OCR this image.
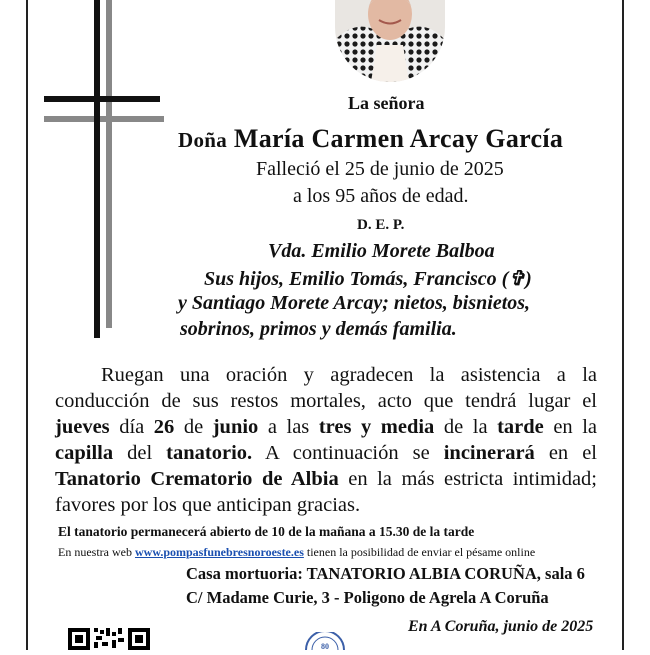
La señora
Doña María Carmen Arcay García
Falleció el 25 de junio de 2025
a los 95 años de edad.
D. E. P.
Vda. Emilio Morete Balboa
Sus hijos, Emilio Tomás, Francisco (✞)
y Santiago Morete Arcay; nietos, bisnietos,
sobrinos, primos y demás familia.
Ruegan una oración y agradecen la asistencia a la
conducción de sus restos mortales, acto que tendrá lugar el
jueves día 26 de junio a las tres y media de la tarde en la
capilla del tanatorio. A continuación se incinerará en el
Tanatorio Crematorio de Albia en la más estricta intimidad;
favores por los que anticipan gracias.
El tanatorio permanecerá abierto de 10 de la mañana a 15.30 de la tarde
En nuestra web www.pompasfunebresnoroeste.es tienen la posibilidad de enviar el pésame online
Casa mortuoria: TANATORIO ALBIA CORUÑA, sala 6
C/ Madame Curie, 3 - Poligono de Agrela A Coruña
En A Coruña, junio de 2025
80
